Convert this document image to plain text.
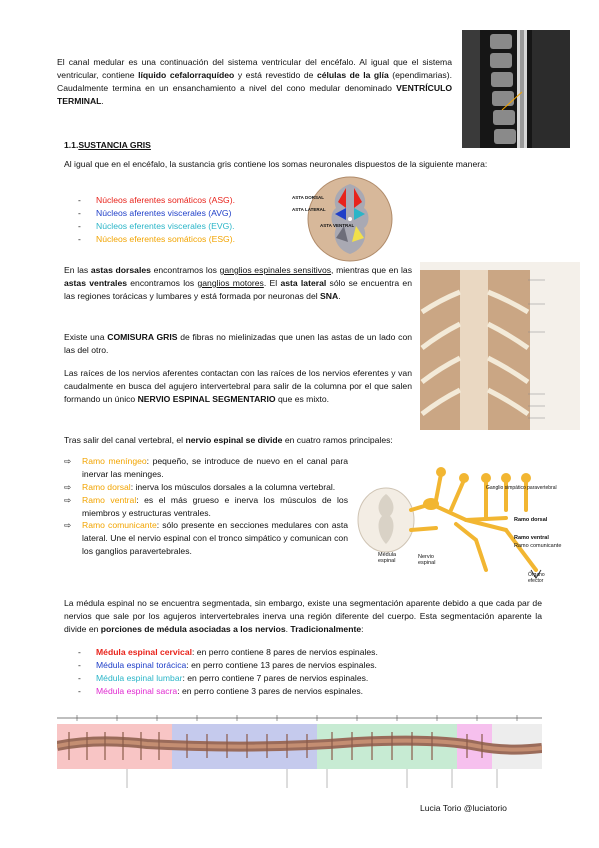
El canal medular es una continuación del sistema ventricular del encéfalo. Al igual que el sistema ventricular, contiene líquido cefalorraquídeo y está revestido de células de la glía (ependimarias). Caudalmente termina en un ensanchamiento a nivel del cono medular denominado VENTRÍCULO TERMINAL.
1.1.SUSTANCIA GRIS
Al igual que en el encéfalo, la sustancia gris contiene los somas neuronales dispuestos de la siguiente manera:
- Núcleos aferentes somáticos (ASG).
- Núcleos aferentes viscerales (AVG)
- Núcleos eferentes viscerales (EVG).
- Núcleos eferentes somáticos (ESG).
ASTA DORSAL
ASTA LATERAL
ASTA VENTRAL
En las astas dorsales encontramos los ganglios espinales sensitivos, mientras que en las astas ventrales encontramos los ganglios motores. El asta lateral sólo se encuentra en las regiones torácicas y lumbares y está formada por neuronas del SNA.
Existe una COMISURA GRIS de fibras no mielinizadas que unen las astas de un lado con las del otro.
Las raíces de los nervios aferentes contactan con las raíces de los nervios eferentes y van caudalmente en busca del agujero intervertebral para salir de la columna por el que salen formando un único NERVIO ESPINAL SEGMENTARIO que es mixto.
Tras salir del canal vertebral, el nervio espinal se divide en cuatro ramos principales:
⇨	Ramo meníngeo: pequeño, se introduce de nuevo en el canal para inervar las meninges.
⇨	Ramo dorsal: inerva los músculos dorsales a la columna vertebral.
⇨	Ramo ventral: es el más grueso e inerva los músculos de los miembros y estructuras ventrales.
⇨	Ramo comunicante: sólo presente en secciones medulares con asta lateral. Une el nervio espinal con el tronco simpático y comunican con los ganglios paravertebrales.
Ganglio simpático paravertebral
Ramo dorsal
Ramo ventral
Ramo comunicante
Médula espinal
Nervio espinal
Órgano efector
La médula espinal no se encuentra segmentada, sin embargo, existe una segmentación aparente debido a que cada par de nervios que sale por los agujeros intervertebrales inerva una región diferente del cuerpo. Esta segmentación aparente la divide en porciones de médula asociadas a los nervios. Tradicionalmente:
- Médula espinal cervical: en perro contiene 8 pares de nervios espinales.
- Médula espinal torácica: en perro contiene 13 pares de nervios espinales.
- Médula espinal lumbar: en perro contiene 7 pares de nervios espinales.
- Médula espinal sacra: en perro contiene 3 pares de nervios espinales.
Lucia Torio @luciatorio
